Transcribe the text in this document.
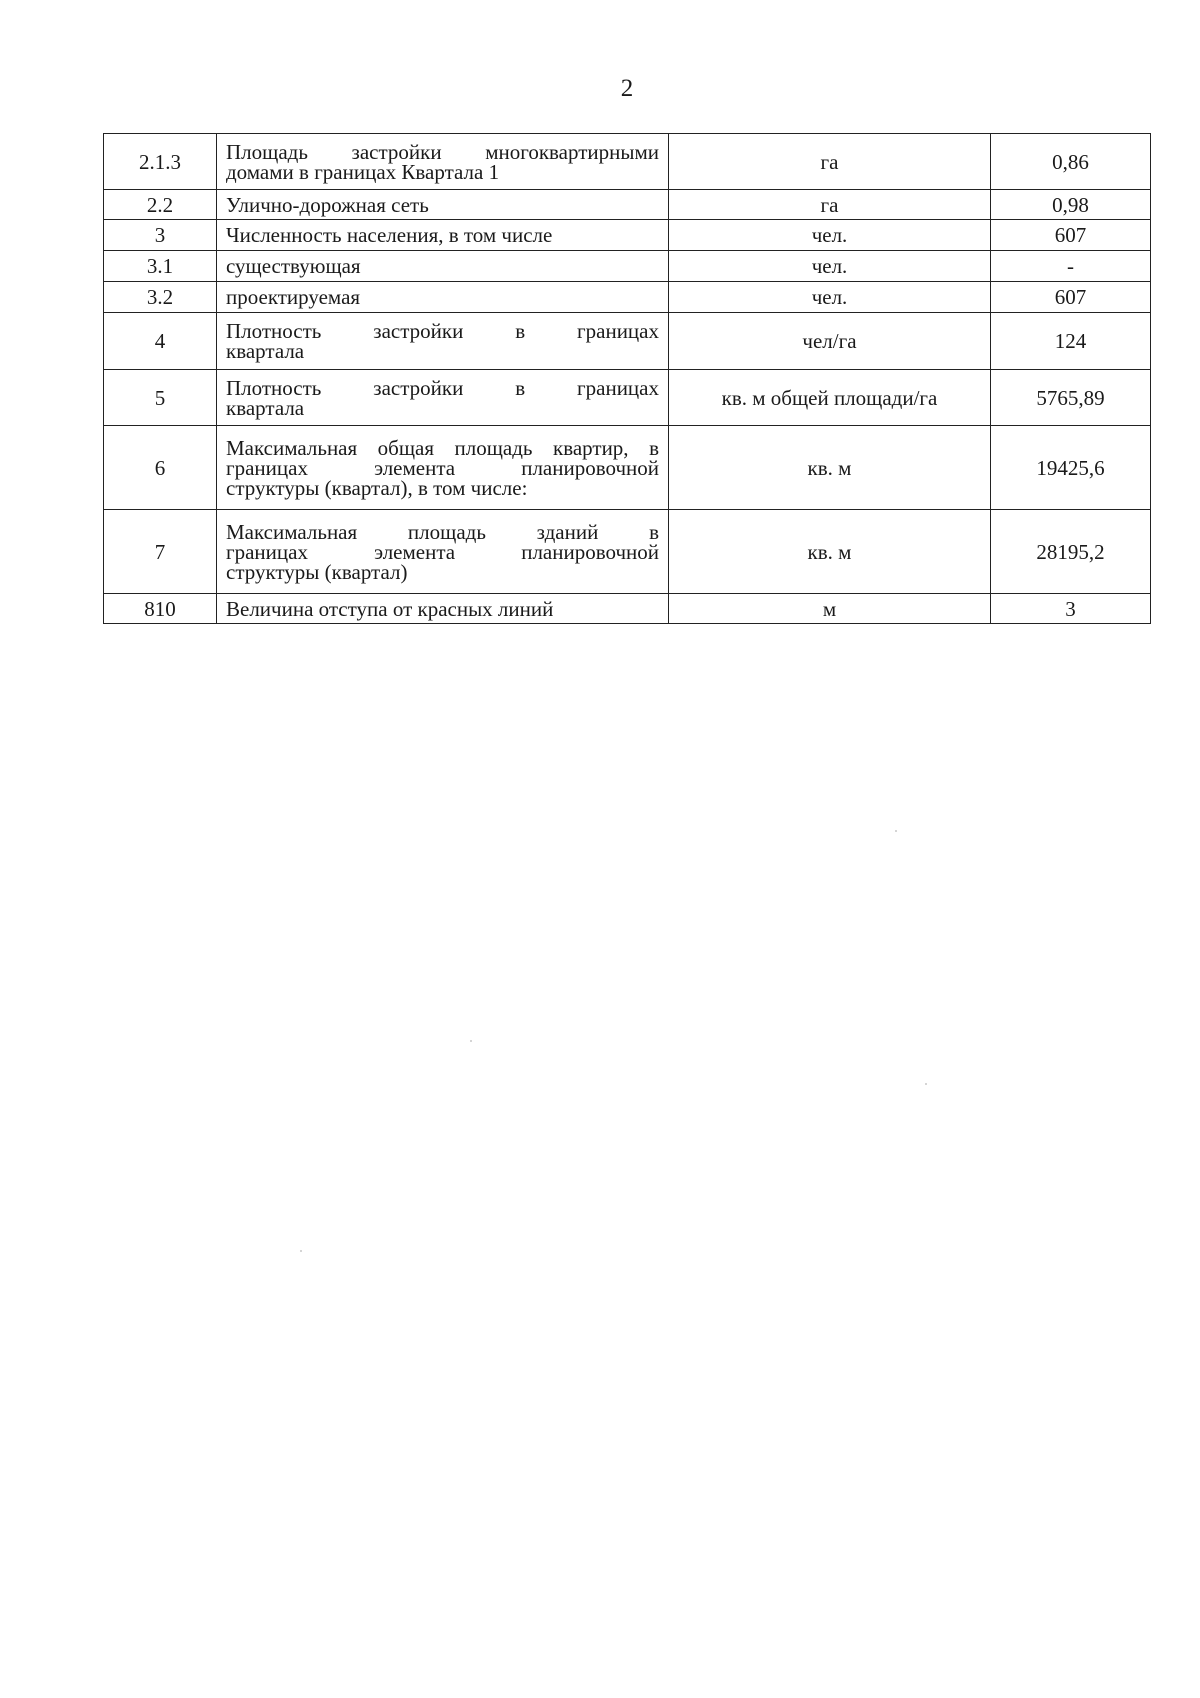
2
2.1.3	Площадь застройки многоквартирными
домами в границах Квартала 1	га	0,86
2.2	Улично-дорожная сеть	га	0,98
3	Численность населения, в том числе	чел.	607
3.1	существующая	чел.	-
3.2	проектируемая	чел.	607
4	Плотность застройки в границах
квартала	чел/га	124
5	Плотность застройки в границах
квартала	кв. м общей площади/га	5765,89
6	Максимальная общая площадь квартир, в
границах элемента планировочной
структуры (квартал), в том числе:	кв. м	19425,6
7	Максимальная площадь зданий в
границах элемента планировочной
структуры (квартал)	кв. м	28195,2
810	Величина отступа от красных линий	м	3
